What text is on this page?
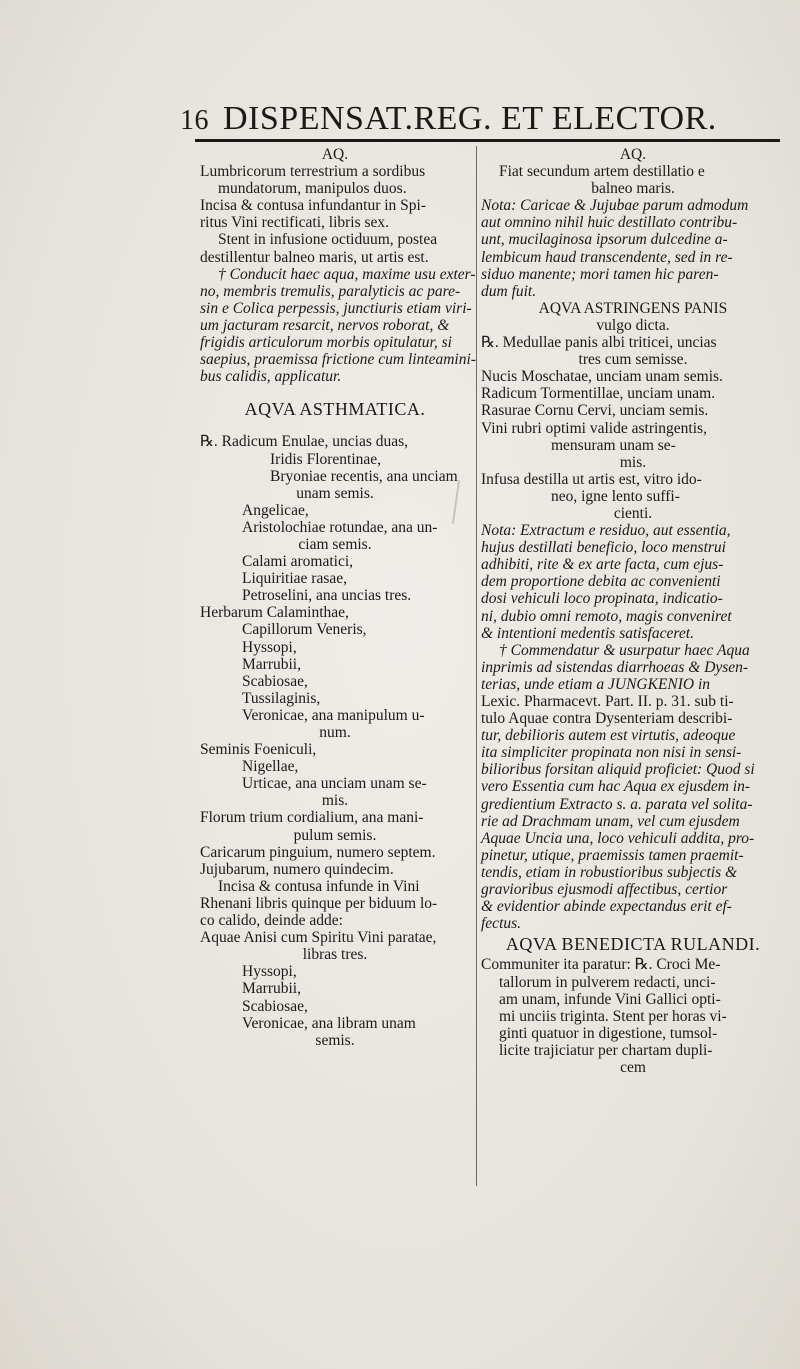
16 DISPENSAT.REG. ET ELECTOR.
AQ.
Lumbricorum terrestrium a sordibus
mundatorum, manipulos duos.
Incisa & contusa infundantur in Spi-
ritus Vini rectificati, libris sex.
Stent in infusione octiduum, postea
destillentur balneo maris, ut artis est.
† Conducit haec aqua, maxime usu exter-
no, membris tremulis, paralyticis ac pare-
sin e Colica perpessis, junctiuris etiam viri-
um jacturam resarcit, nervos roborat, &
frigidis articulorum morbis opitulatur, si
saepius, praemissa frictione cum linteamini-
bus calidis, applicatur.
AQVA ASTHMATICA.
℞. Radicum Enulae, uncias duas,
Iridis Florentinae,
Bryoniae recentis, ana unciam
unam semis.
Angelicae,
Aristolochiae rotundae, ana un-
ciam semis.
Calami aromatici,
Liquiritiae rasae,
Petroselini, ana uncias tres.
Herbarum Calaminthae,
Capillorum Veneris,
Hyssopi,
Marrubii,
Scabiosae,
Tussilaginis,
Veronicae, ana manipulum u-
num.
Seminis Foeniculi,
Nigellae,
Urticae, ana unciam unam se-
mis.
Florum trium cordialium, ana mani-
pulum semis.
Caricarum pinguium, numero septem.
Jujubarum, numero quindecim.
Incisa & contusa infunde in Vini
Rhenani libris quinque per biduum lo-
co calido, deinde adde:
Aquae Anisi cum Spiritu Vini paratae,
libras tres.
Hyssopi,
Marrubii,
Scabiosae,
Veronicae, ana libram unam
semis.
AQ.
Fiat secundum artem destillatio e
balneo maris.
Nota: Caricae & Jujubae parum admodum
aut omnino nihil huic destillato contribu-
unt, mucilaginosa ipsorum dulcedine a-
lembicum haud transcendente, sed in re-
siduo manente; mori tamen hic paren-
dum fuit.
AQVA ASTRINGENS PANIS
vulgo dicta.
℞. Medullae panis albi triticei, uncias
tres cum semisse.
Nucis Moschatae, unciam unam semis.
Radicum Tormentillae, unciam unam.
Rasurae Cornu Cervi, unciam semis.
Vini rubri optimi valide astringentis,
mensuram unam se-
mis.
Infusa destilla ut artis est, vitro ido-
neo, igne lento suffi-
cienti.
Nota: Extractum e residuo, aut essentia,
hujus destillati beneficio, loco menstrui
adhibiti, rite & ex arte facta, cum ejus-
dem proportione debita ac convenienti
dosi vehiculi loco propinata, indicatio-
ni, dubio omni remoto, magis conveniret
& intentioni medentis satisfaceret.
† Commendatur & usurpatur haec Aqua
inprimis ad sistendas diarrhoeas & Dysen-
terias, unde etiam a JUNGKENIO in
Lexic. Pharmacevt. Part. II. p. 31. sub ti-
tulo Aquae contra Dysenteriam describi-
tur, debilioris autem est virtutis, adeoque
ita simpliciter propinata non nisi in sensi-
bilioribus forsitan aliquid proficiet: Quod si
vero Essentia cum hac Aqua ex ejusdem in-
gredientium Extracto s. a. parata vel solita-
rie ad Drachmam unam, vel cum ejusdem
Aquae Uncia una, loco vehiculi addita, pro-
pinetur, utique, praemissis tamen praemit-
tendis, etiam in robustioribus subjectis &
gravioribus ejusmodi affectibus, certior
& evidentior abinde expectandus erit ef-
fectus.
AQVA BENEDICTA RULANDI.
Communiter ita paratur: ℞. Croci Me-
tallorum in pulverem redacti, unci-
am unam, infunde Vini Gallici opti-
mi unciis triginta. Stent per horas vi-
ginti quatuor in digestione, tumsol-
licite trajiciatur per chartam dupli-
cem
